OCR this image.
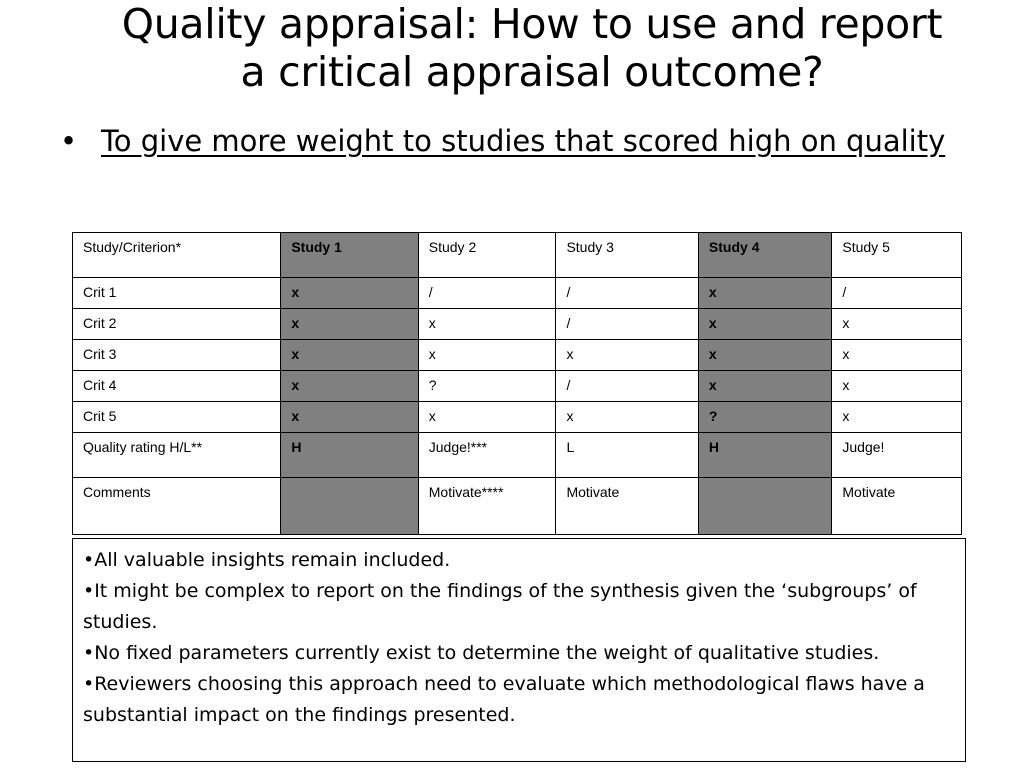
Quality appraisal: How to use and report
a critical appraisal outcome?
• To give more weight to studies that scored high on quality
Study/Criterion*	Study 1	Study 2	Study 3	Study 4	Study 5
Crit 1	x	/	/	x	/
Crit 2	x	x	/	x	x
Crit 3	x	x	x	x	x
Crit 4	x	?	/	x	x
Crit 5	x	x	x	?	x
Quality rating H/L**	H	Judge!***	L	H	Judge!
Comments		Motivate****	Motivate		Motivate

•All valuable insights remain included.

•It might be complex to report on the findings of the synthesis given the ‘subgroups’ of studies.

•No fixed parameters currently exist to determine the weight of qualitative studies.

•Reviewers choosing this approach need to evaluate which methodological flaws have a substantial impact on the findings presented.
